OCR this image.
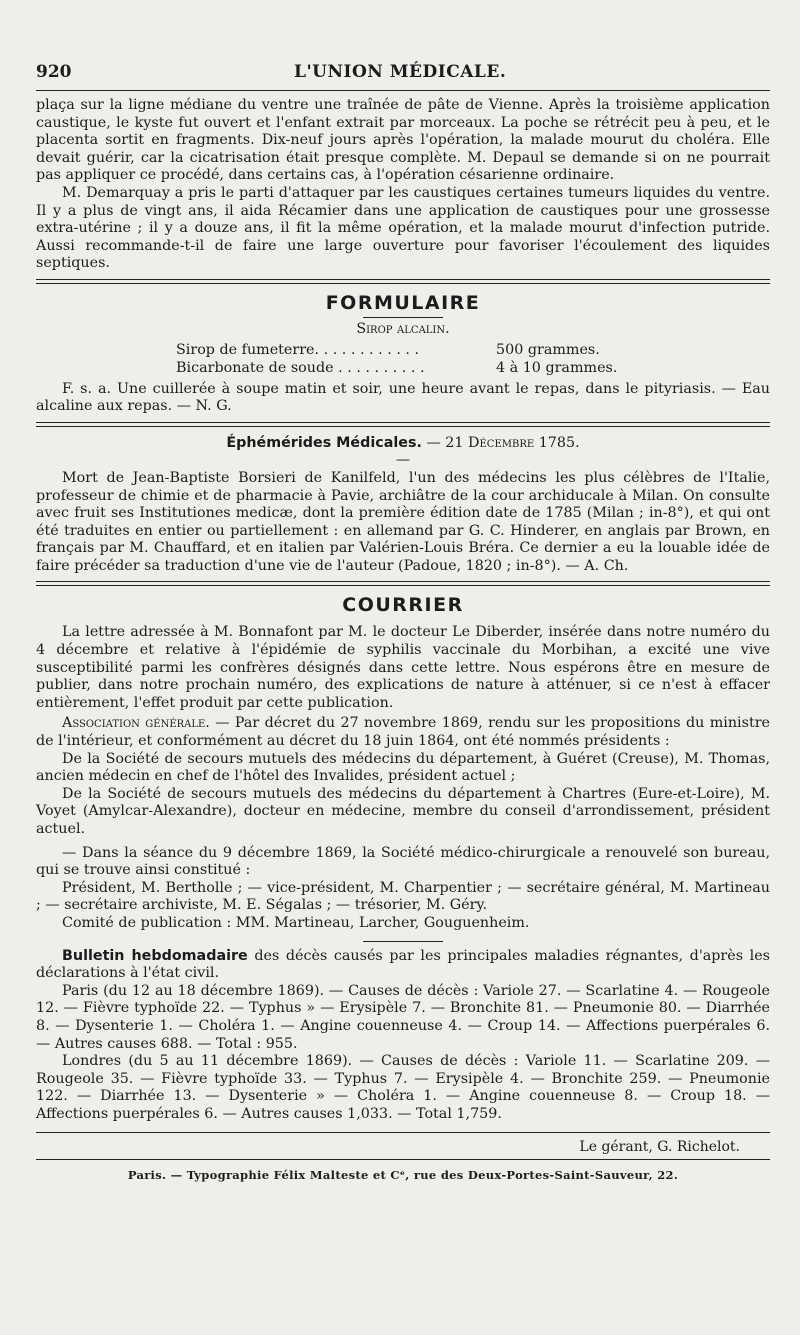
920	L'UNION MÉDICALE.

plaça sur la ligne médiane du ventre une traînée de pâte de Vienne. Après la troisième application caustique, le kyste fut ouvert et l'enfant extrait par morceaux. La poche se rétrécit peu à peu, et le placenta sortit en fragments. Dix-neuf jours après l'opération, la malade mourut du choléra. Elle devait guérir, car la cicatrisation était presque complète. M. Depaul se demande si on ne pourrait pas appliquer ce procédé, dans certains cas, à l'opération césarienne ordinaire.

M. Demarquay a pris le parti d'attaquer par les caustiques certaines tumeurs liquides du ventre. Il y a plus de vingt ans, il aida Récamier dans une application de caustiques pour une grossesse extra-utérine ; il y a douze ans, il fit la même opération, et la malade mourut d'infection putride. Aussi recommande-t-il de faire une large ouverture pour favoriser l'écoulement des liquides septiques.

FORMULAIRE
Sirop alcalin.
Sirop de fumeterre. . . . . . . . . . . .	500 grammes.
Bicarbonate de soude . . . . . . . . . .	4 à 10 grammes.

F. s. a. Une cuillerée à soupe matin et soir, une heure avant le repas, dans le pityriasis. — Eau alcaline aux repas. — N. G.

Éphémérides Médicales. — 21 Décembre 1785.
—

Mort de Jean-Baptiste Borsieri de Kanilfeld, l'un des médecins les plus célèbres de l'Italie, professeur de chimie et de pharmacie à Pavie, archiâtre de la cour archiducale à Milan. On consulte avec fruit ses Institutiones medicæ, dont la première édition date de 1785 (Milan ; in-8°), et qui ont été traduites en entier ou partiellement : en allemand par G. C. Hinderer, en anglais par Brown, en français par M. Chauffard, et en italien par Valérien-Louis Bréra. Ce dernier a eu la louable idée de faire précéder sa traduction d'une vie de l'auteur (Padoue, 1820 ; in-8°). — A. Ch.

COURRIER

La lettre adressée à M. Bonnafont par M. le docteur Le Diberder, insérée dans notre numéro du 4 décembre et relative à l'épidémie de syphilis vaccinale du Morbihan, a excité une vive susceptibilité parmi les confrères désignés dans cette lettre. Nous espérons être en mesure de publier, dans notre prochain numéro, des explications de nature à atténuer, si ce n'est à effacer entièrement, l'effet produit par cette publication.

Association générale. — Par décret du 27 novembre 1869, rendu sur les propositions du ministre de l'intérieur, et conformément au décret du 18 juin 1864, ont été nommés présidents :

De la Société de secours mutuels des médecins du département, à Guéret (Creuse), M. Thomas, ancien médecin en chef de l'hôtel des Invalides, président actuel ;

De la Société de secours mutuels des médecins du département à Chartres (Eure-et-Loire), M. Voyet (Amylcar-Alexandre), docteur en médecine, membre du conseil d'arrondissement, président actuel.

— Dans la séance du 9 décembre 1869, la Société médico-chirurgicale a renouvelé son bureau, qui se trouve ainsi constitué :

Président, M. Bertholle ; — vice-président, M. Charpentier ; — secrétaire général, M. Martineau ; — secrétaire archiviste, M. E. Ségalas ; — trésorier, M. Géry.

Comité de publication : MM. Martineau, Larcher, Gouguenheim.

Bulletin hebdomadaire des décès causés par les principales maladies régnantes, d'après les déclarations à l'état civil.

Paris (du 12 au 18 décembre 1869). — Causes de décès : Variole 27. — Scarlatine 4. — Rougeole 12. — Fièvre typhoïde 22. — Typhus » — Erysipèle 7. — Bronchite 81. — Pneumonie 80. — Diarrhée 8. — Dysenterie 1. — Choléra 1. — Angine couenneuse 4. — Croup 14. — Affections puerpérales 6. — Autres causes 688. — Total : 955.

Londres (du 5 au 11 décembre 1869). — Causes de décès : Variole 11. — Scarlatine 209. — Rougeole 35. — Fièvre typhoïde 33. — Typhus 7. — Erysipèle 4. — Bronchite 259. — Pneumonie 122. — Diarrhée 13. — Dysenterie » — Choléra 1. — Angine couenneuse 8. — Croup 18. — Affections puerpérales 6. — Autres causes 1,033. — Total 1,759.

Le gérant, G. Richelot.
Paris. — Typographie Félix Malteste et Cᵉ, rue des Deux-Portes-Saint-Sauveur, 22.
